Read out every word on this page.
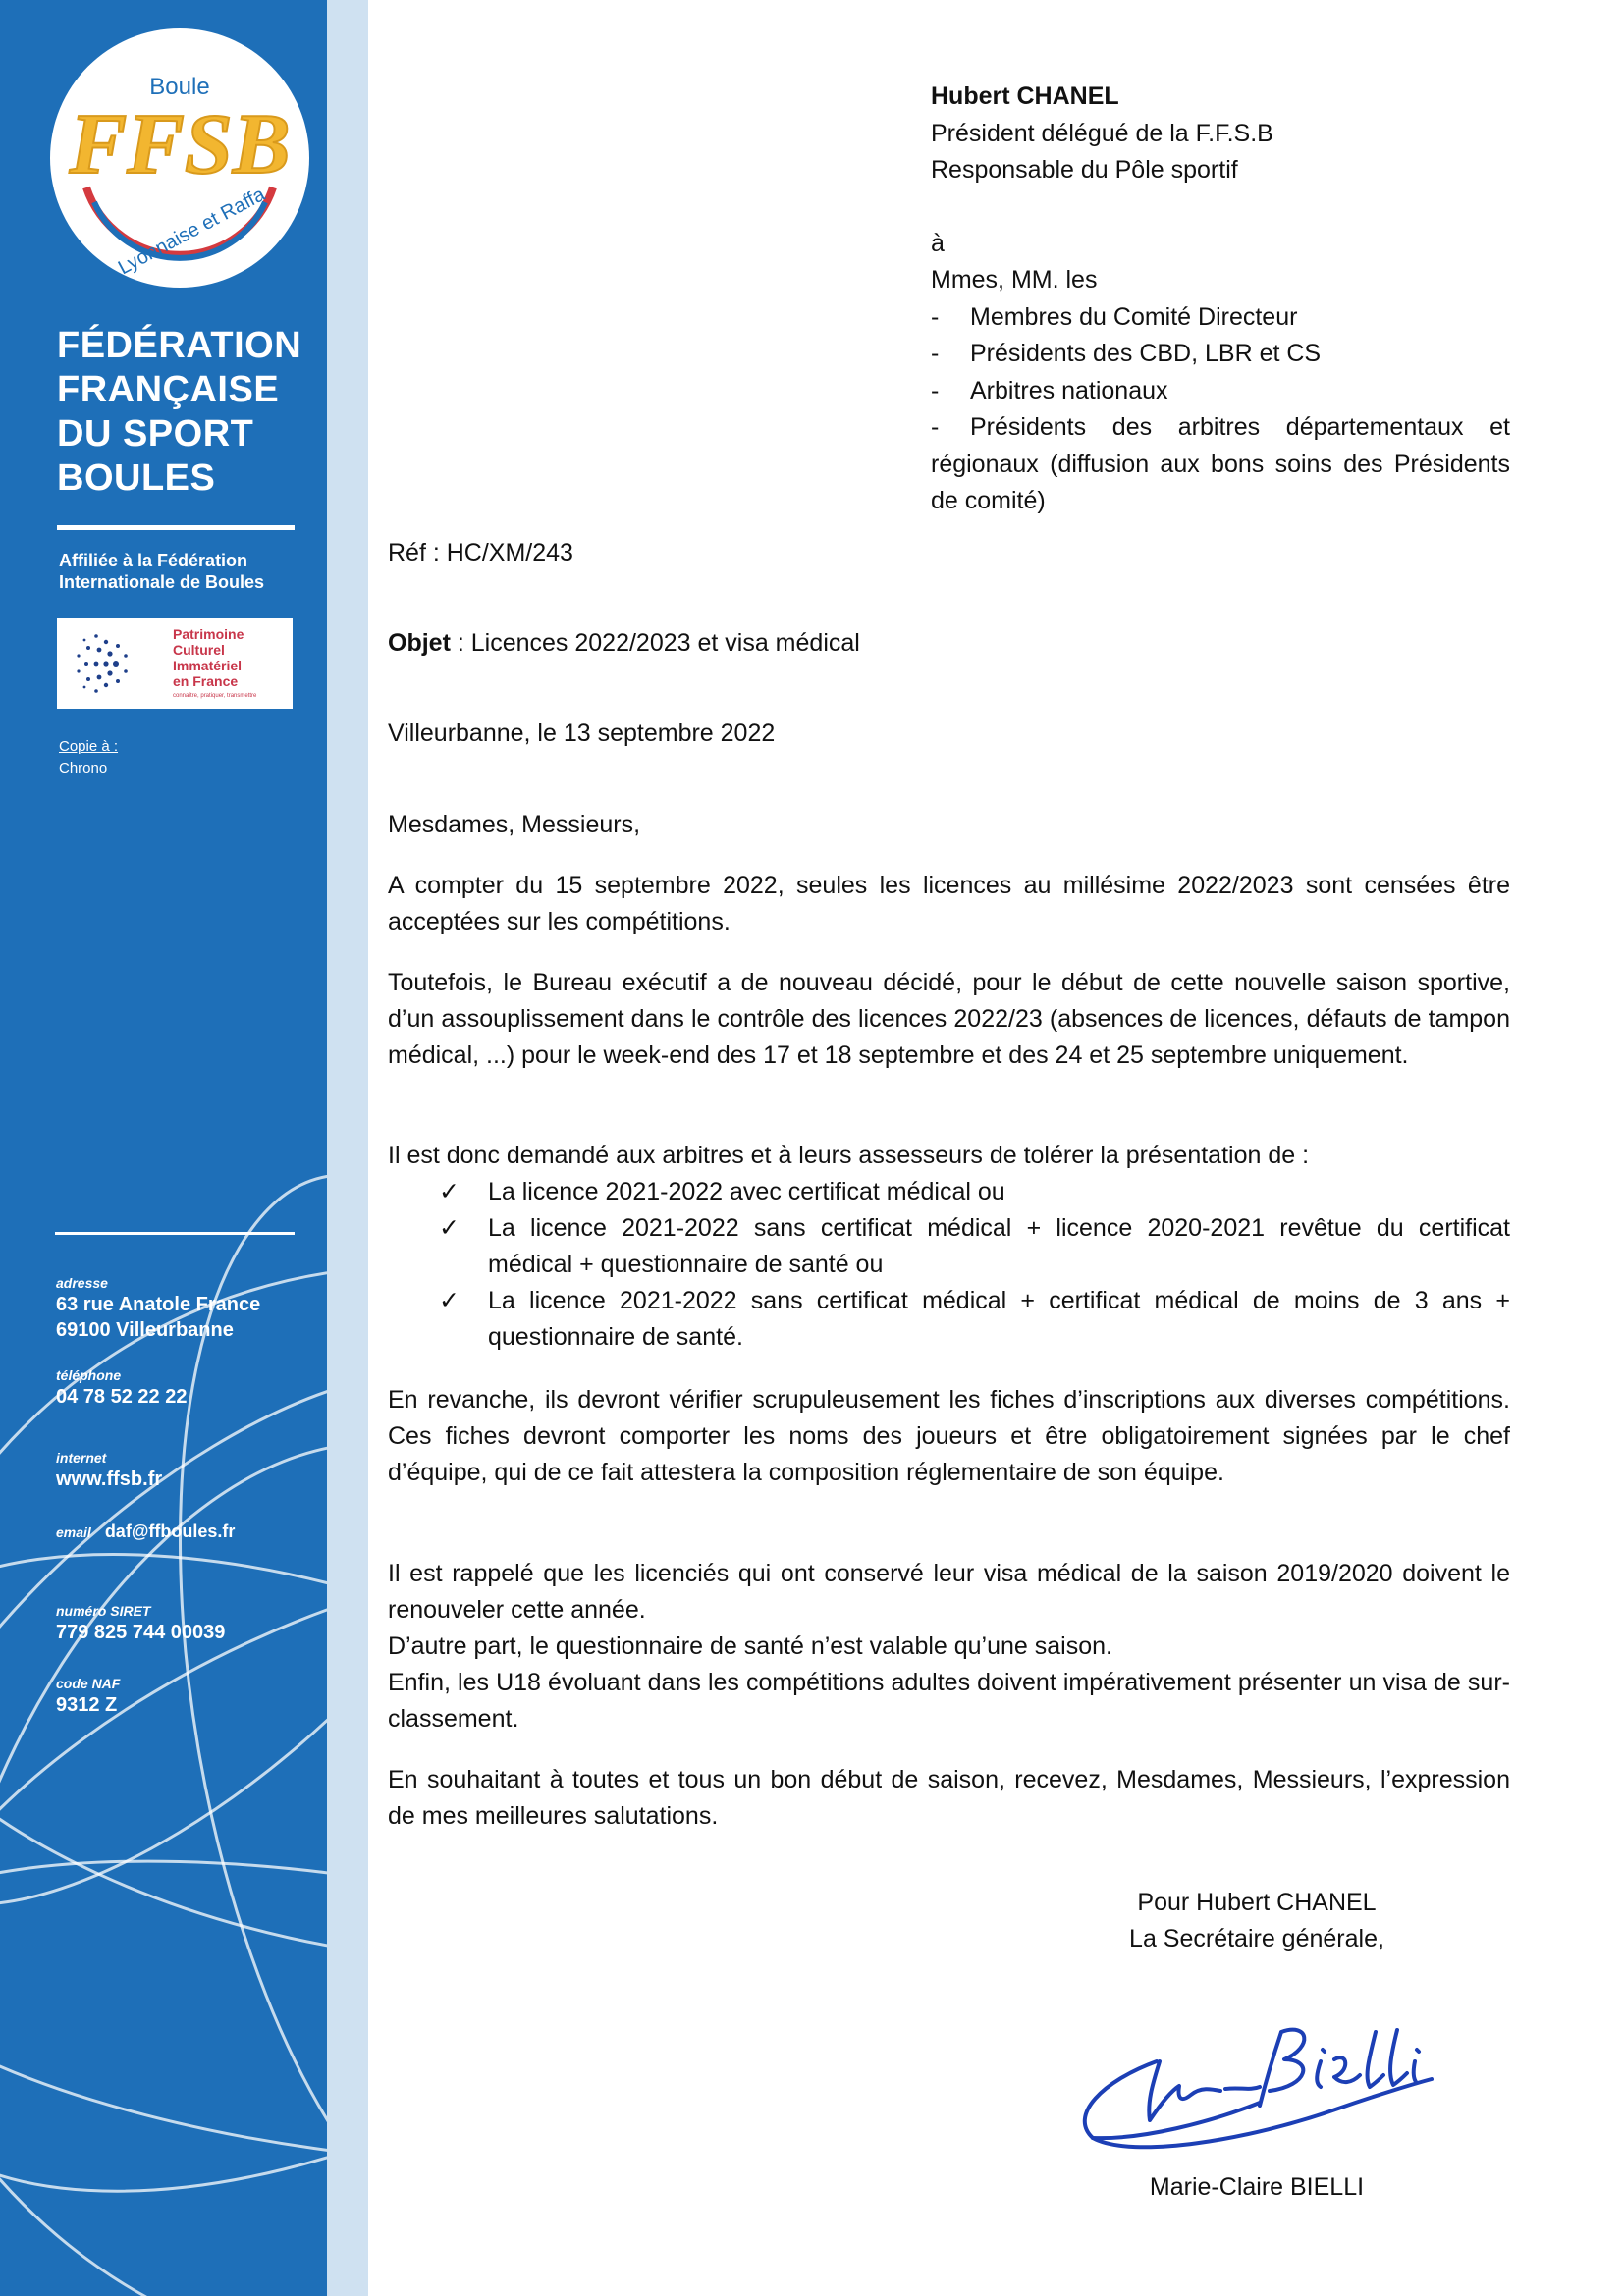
Boule
FFSB
Lyonnaise et Raffa
FÉDÉRATION
FRANÇAISE
DU SPORT
BOULES
Affiliée à la Fédération
Internationale de Boules
Patrimoine
Culturel
Immatériel
en France
connaître, pratiquer, transmettre
Copie à :
Chrono
adresse
63 rue Anatole France
69100 Villeurbanne
téléphone
04 78 52 22 22
internet
www.ffsb.fr
email daf@ffboules.fr
numéro SIRET
779 825 744 00039
code NAF
9312 Z
Hubert CHANEL
Président délégué de la F.F.S.B
Responsable du Pôle sportif
à
Mmes, MM. les
-	Membres du Comité Directeur
-	Présidents des CBD, LBR et CS
-	Arbitres nationaux
- Présidents des arbitres départementaux et régionaux (diffusion aux bons soins des Présidents de comité)
Réf : HC/XM/243
Objet : Licences 2022/2023 et visa médical
Villeurbanne, le 13 septembre 2022
Mesdames, Messieurs,
A compter du 15 septembre 2022, seules les licences au millésime 2022/2023 sont censées être acceptées sur les compétitions.
Toutefois, le Bureau exécutif a de nouveau décidé, pour le début de cette nouvelle saison sportive, d’un assouplissement dans le contrôle des licences 2022/23 (absences de licences, défauts de tampon médical, ...) pour le week-end des 17 et 18 septembre et des 24 et 25 septembre uniquement.
Il est donc demandé aux arbitres et à leurs assesseurs de tolérer la présentation de :
✓	La licence 2021-2022 avec certificat médical ou
✓	La licence 2021-2022 sans certificat médical + licence 2020-2021 revêtue du certificat médical + questionnaire de santé ou
✓	La licence 2021-2022 sans certificat médical + certificat médical de moins de 3 ans + questionnaire de santé.
En revanche, ils devront vérifier scrupuleusement les fiches d’inscriptions aux diverses compétitions. Ces fiches devront comporter les noms des joueurs et être obligatoirement signées par le chef d’équipe, qui de ce fait attestera la composition réglementaire de son équipe.
Il est rappelé que les licenciés qui ont conservé leur visa médical de la saison 2019/2020 doivent le renouveler cette année.
D’autre part, le questionnaire de santé n’est valable qu’une saison.
Enfin, les U18 évoluant dans les compétitions adultes doivent impérativement présenter un visa de sur-classement.
En souhaitant à toutes et tous un bon début de saison, recevez, Mesdames, Messieurs, l’expression de mes meilleures salutations.
Pour Hubert CHANEL
La Secrétaire générale,
Marie-Claire BIELLI
